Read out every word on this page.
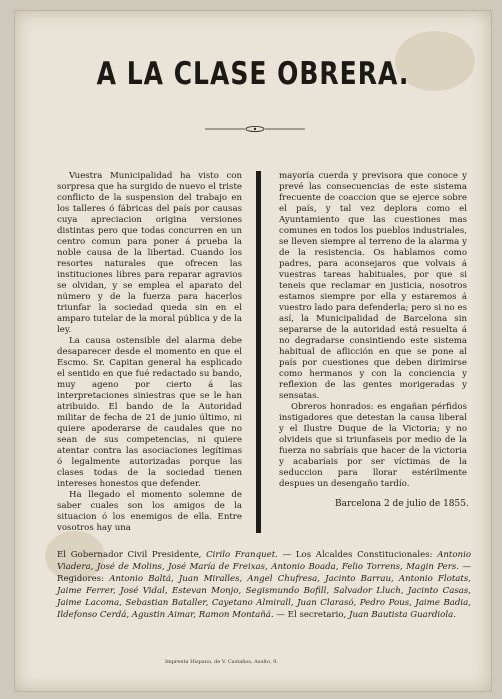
A LA CLASE OBRERA.

Vuestra Municipalidad ha visto con sorpresa que ha surgido de nuevo el triste conflicto de la suspension del trabajo en los talleres ó fábricas del país por causas cuya apreciacion origina versiones distintas pero que todas concurren en un centro comun para poner á prueba la noble causa de la libertad. Cuando los resortes naturales que ofrecen las instituciones libres para reparar agravios se olvidan, y se emplea el aparato del número y de la fuerza para hacerlos triunfar la sociedad queda sin en el amparo tutelar de la moral pública y de la ley.

La causa ostensible del alarma debe desaparecer desde el momento en que el Escmo. Sr. Capitan general ha esplicado el sentido en que fué redactado su bando, muy ageno por cierto á las interpretaciones siniestras que se le han atribuido. El bando de la Autoridad militar de fecha de 21 de junio último, ni quiere apoderarse de caudales que no sean de sus competencias, ni quiere atentar contra las asociaciones legítimas ó legalmente autorizadas porque las clases todas de la sociedad tienen intereses honestos que defender.

Ha llegado el momento solemne de saber cuales son los amigos de la situacion ó los enemigos de ella. Entre vosotros hay una

mayoría cuerda y previsora que conoce y prevé las consecuencias de este sistema frecuente de coaccion que se ejerce sobre el país, y tal vez deplora como el Ayuntamiento que las cuestiones mas comunes en todos los pueblos industriales, se lleven siempre al terreno de la alarma y de la resistencia. Os hablamos como padres, para aconsejaros que volvais á vuestras tareas habituales, por que si teneis que reclamar en justicia, nosotros estamos siempre por ella y estaremos á vuestro lado para defenderla; pero si no es así, la Municipalidad de Barcelona sin separarse de la autoridad está resuelta á no degradarse consintiendo este sistema habitual de aflicción en que se pone al país por cuestiones que deben dirimirse como hermanos y con la conciencia y reflexion de las gentes morigeradas y sensatas.

Obreros honrados: es engañan pérfidos instigadores que detestan la causa liberal y el Ilustre Duque de la Victoria; y no olvideis que si triunfaseis por medio de la fuerza no sabríais que hacer de la victoria y acabaríais por ser víctimas de la seduccion para llorar estérilmente despues un desengaño tardío.

Barcelona 2 de julio de 1855.
El Gobernador Civil Presidente, Cirilo Franquet. — Los Alcaldes Constitucionales: Antonio Viadera, José de Molins, José María de Freixas, Antonio Boada, Felio Torrens, Magin Pers. — Regidores: Antonio Baltá, Juan Miralles, Angel Chufresa, Jacinto Barrau, Antonio Flotats, Jaime Ferrer, José Vidal, Estevan Monjo, Segismundo Bofill, Salvador Lluch, Jacinto Casas, Jaime Lacoma, Sebastian Bataller, Cayetano Almirall, Juan Clarasó, Pedro Pous, Jaime Badia, Ildefonso Cerdá, Agustin Aimar, Ramon Montañá. — El secretario, Juan Bautista Guardiola.
Imprenta Hispana, de V. Castaños, Asalto, 9.
